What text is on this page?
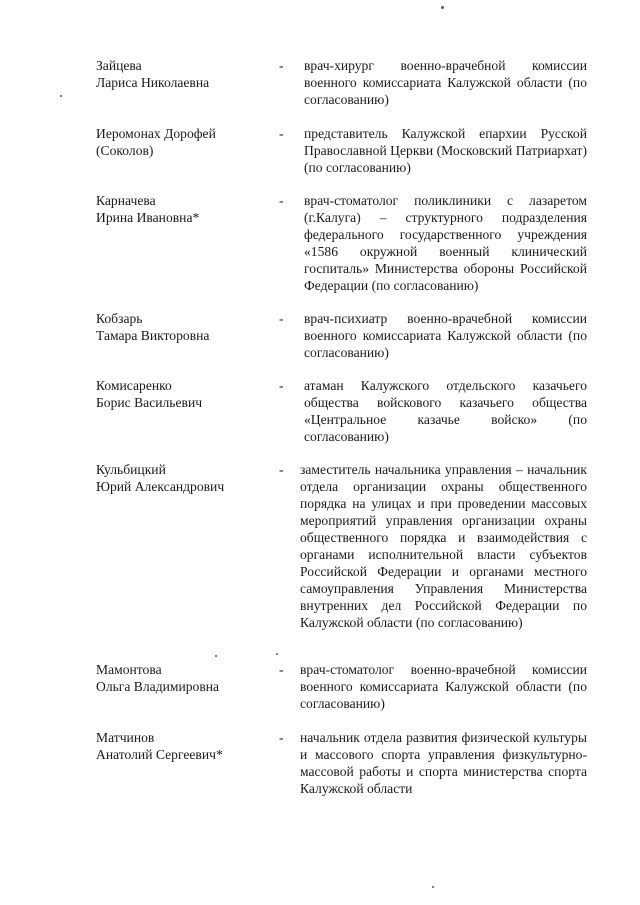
Зайцева
Лариса Николаевна
- врач-хирург военно-врачебной комиссии военного комиссариата Калужской области (по согласованию)
Иеромонах Дорофей
(Соколов)
- представитель Калужской епархии Русской Православной Церкви (Московский Патриархат) (по согласованию)
Карначева
Ирина Ивановна*
- врач-стоматолог поликлиники с лазаретом (г.Калуга) – структурного подразделения федерального государственного учреждения «1586 окружной военный клинический госпиталь» Министерства обороны Российской Федерации (по согласованию)
Кобзарь
Тамара Викторовна
- врач-психиатр военно-врачебной комиссии военного комиссариата Калужской области (по согласованию)
Комисаренко
Борис Васильевич
- атаман Калужского отдельского казачьего общества войскового казачьего общества «Центральное казачье войско» (по согласованию)
Кульбицкий
Юрий Александрович
- заместитель начальника управления – начальник отдела организации охраны общественного порядка на улицах и при проведении массовых мероприятий управления организации охраны общественного порядка и взаимодействия с органами исполнительной власти субъектов Российской Федерации и органами местного самоуправления Управления Министерства внутренних дел Российской Федерации по Калужской области (по согласованию)
Мамонтова
Ольга Владимировна
- врач-стоматолог военно-врачебной комиссии военного комиссариата Калужской области (по согласованию)
Матчинов
Анатолий Сергеевич*
- начальник отдела развития физической культуры и массового спорта управления физкультурно-массовой работы и спорта министерства спорта Калужской области
